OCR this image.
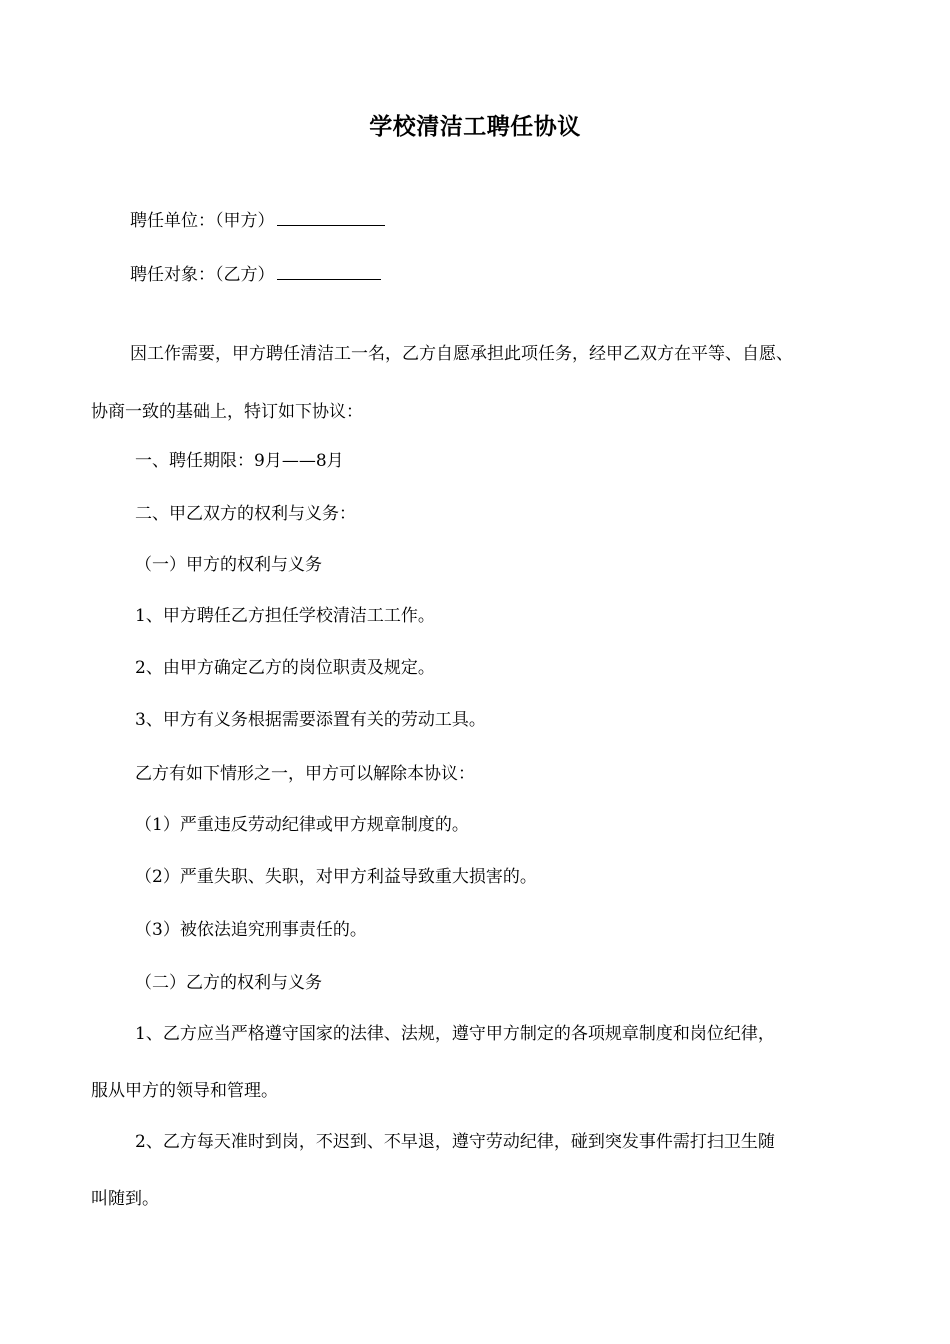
学校清洁工聘任协议
聘任单位：（甲方）
聘任对象：（乙方）
因工作需要，甲方聘任清洁工一名，乙方自愿承担此项任务，经甲乙双方在平等、自愿、
协商一致的基础上，特订如下协议：
一、聘任期限：9月——8月
二、甲乙双方的权利与义务：
（一）甲方的权利与义务
1、甲方聘任乙方担任学校清洁工工作。
2、由甲方确定乙方的岗位职责及规定。
3、甲方有义务根据需要添置有关的劳动工具。
乙方有如下情形之一，甲方可以解除本协议：
（1）严重违反劳动纪律或甲方规章制度的。
（2）严重失职、失职，对甲方利益导致重大损害的。
（3）被依法追究刑事责任的。
（二）乙方的权利与义务
1、乙方应当严格遵守国家的法律、法规，遵守甲方制定的各项规章制度和岗位纪律，
服从甲方的领导和管理。
2、乙方每天准时到岗，不迟到、不早退，遵守劳动纪律，碰到突发事件需打扫卫生随
叫随到。
